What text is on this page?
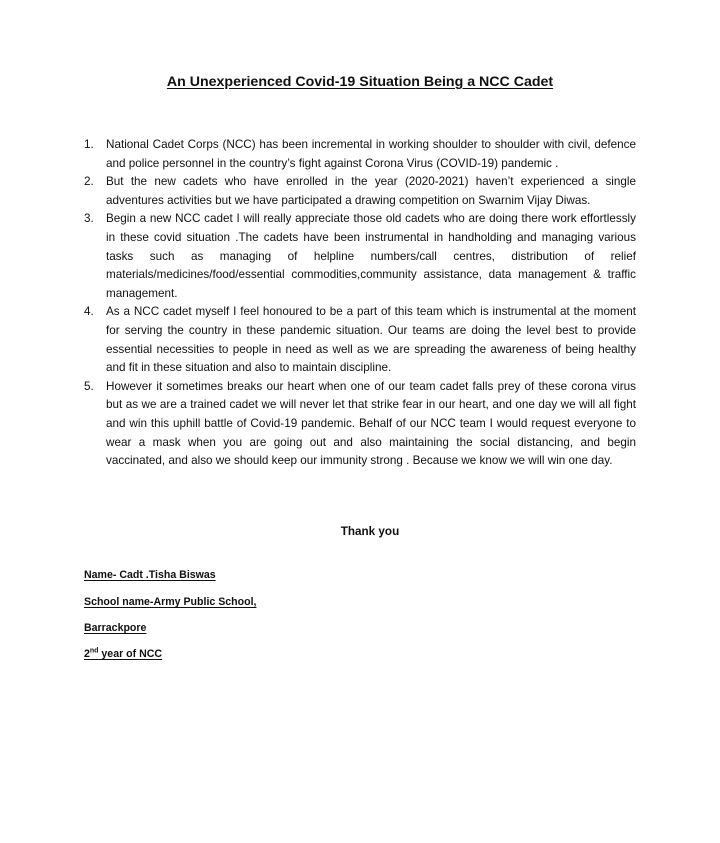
An Unexperienced Covid-19 Situation Being a NCC Cadet
1. National Cadet Corps (NCC) has been incremental in working shoulder to shoulder with civil, defence and police personnel in the country’s fight against Corona Virus (COVID-19) pandemic .
2. But the new cadets who have enrolled in the year (2020-2021) haven’t experienced a single adventures activities but we have participated a drawing competition on Swarnim Vijay Diwas.
3. Begin a new NCC cadet I will really appreciate those old cadets who are doing there work effortlessly in these covid situation .The cadets have been instrumental in handholding and managing various tasks such as managing of helpline numbers/call centres, distribution of relief materials/medicines/food/essential commodities,community assistance, data management & traffic management.
4. As a NCC cadet myself I feel honoured to be a part of this team which is instrumental at the moment for serving the country in these pandemic situation. Our teams are doing the level best to provide essential necessities to people in need as well as we are spreading the awareness of being healthy and fit in these situation and also to maintain discipline.
5. However it sometimes breaks our heart when one of our team cadet falls prey of these corona virus but as we are a trained cadet we will never let that strike fear in our heart, and one day we will all fight and win this uphill battle of Covid-19 pandemic. Behalf of our NCC team I would request everyone to wear a mask when you are going out and also maintaining the social distancing, and begin vaccinated, and also we should keep our immunity strong . Because we know we will win one day.

Thank you

Name- Cadt .Tisha Biswas

School name-Army Public School,

Barrackpore

2nd year of NCC
